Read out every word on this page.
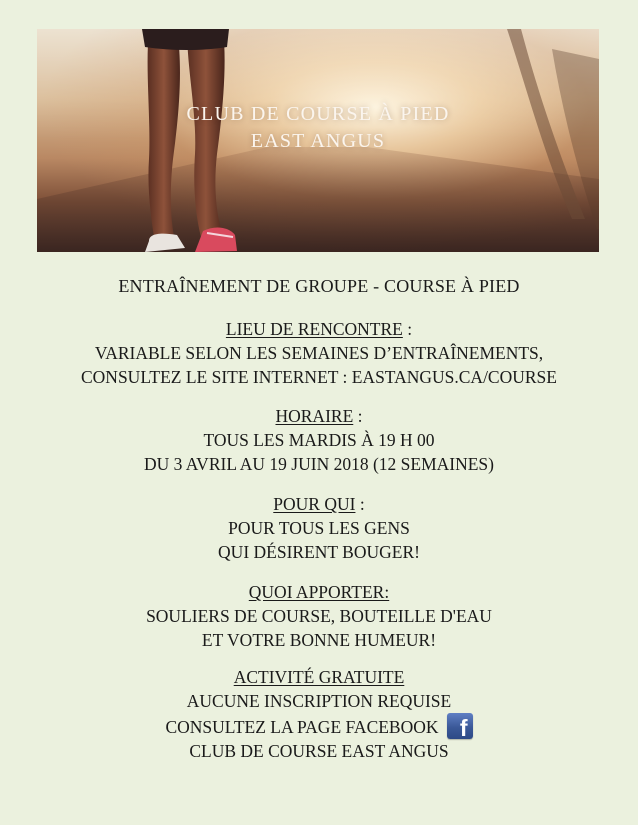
CLUB DE COURSE À PIED
EAST ANGUS
ENTRAÎNEMENT DE GROUPE - COURSE À PIED
LIEU DE RENCONTRE :
VARIABLE SELON LES SEMAINES D’ENTRAÎNEMENTS,
CONSULTEZ LE SITE INTERNET : EASTANGUS.CA/COURSE
HORAIRE :
TOUS LES MARDIS À 19 H 00
DU 3 AVRIL AU 19 JUIN 2018 (12 SEMAINES)
POUR QUI :
POUR TOUS LES GENS
QUI DÉSIRENT BOUGER!
QUOI APPORTER:
SOULIERS DE COURSE, BOUTEILLE D'EAU
ET VOTRE BONNE HUMEUR!
ACTIVITÉ GRATUITE
AUCUNE INSCRIPTION REQUISE
CONSULTEZ LA PAGE FACEBOOK f
CLUB DE COURSE EAST ANGUS
